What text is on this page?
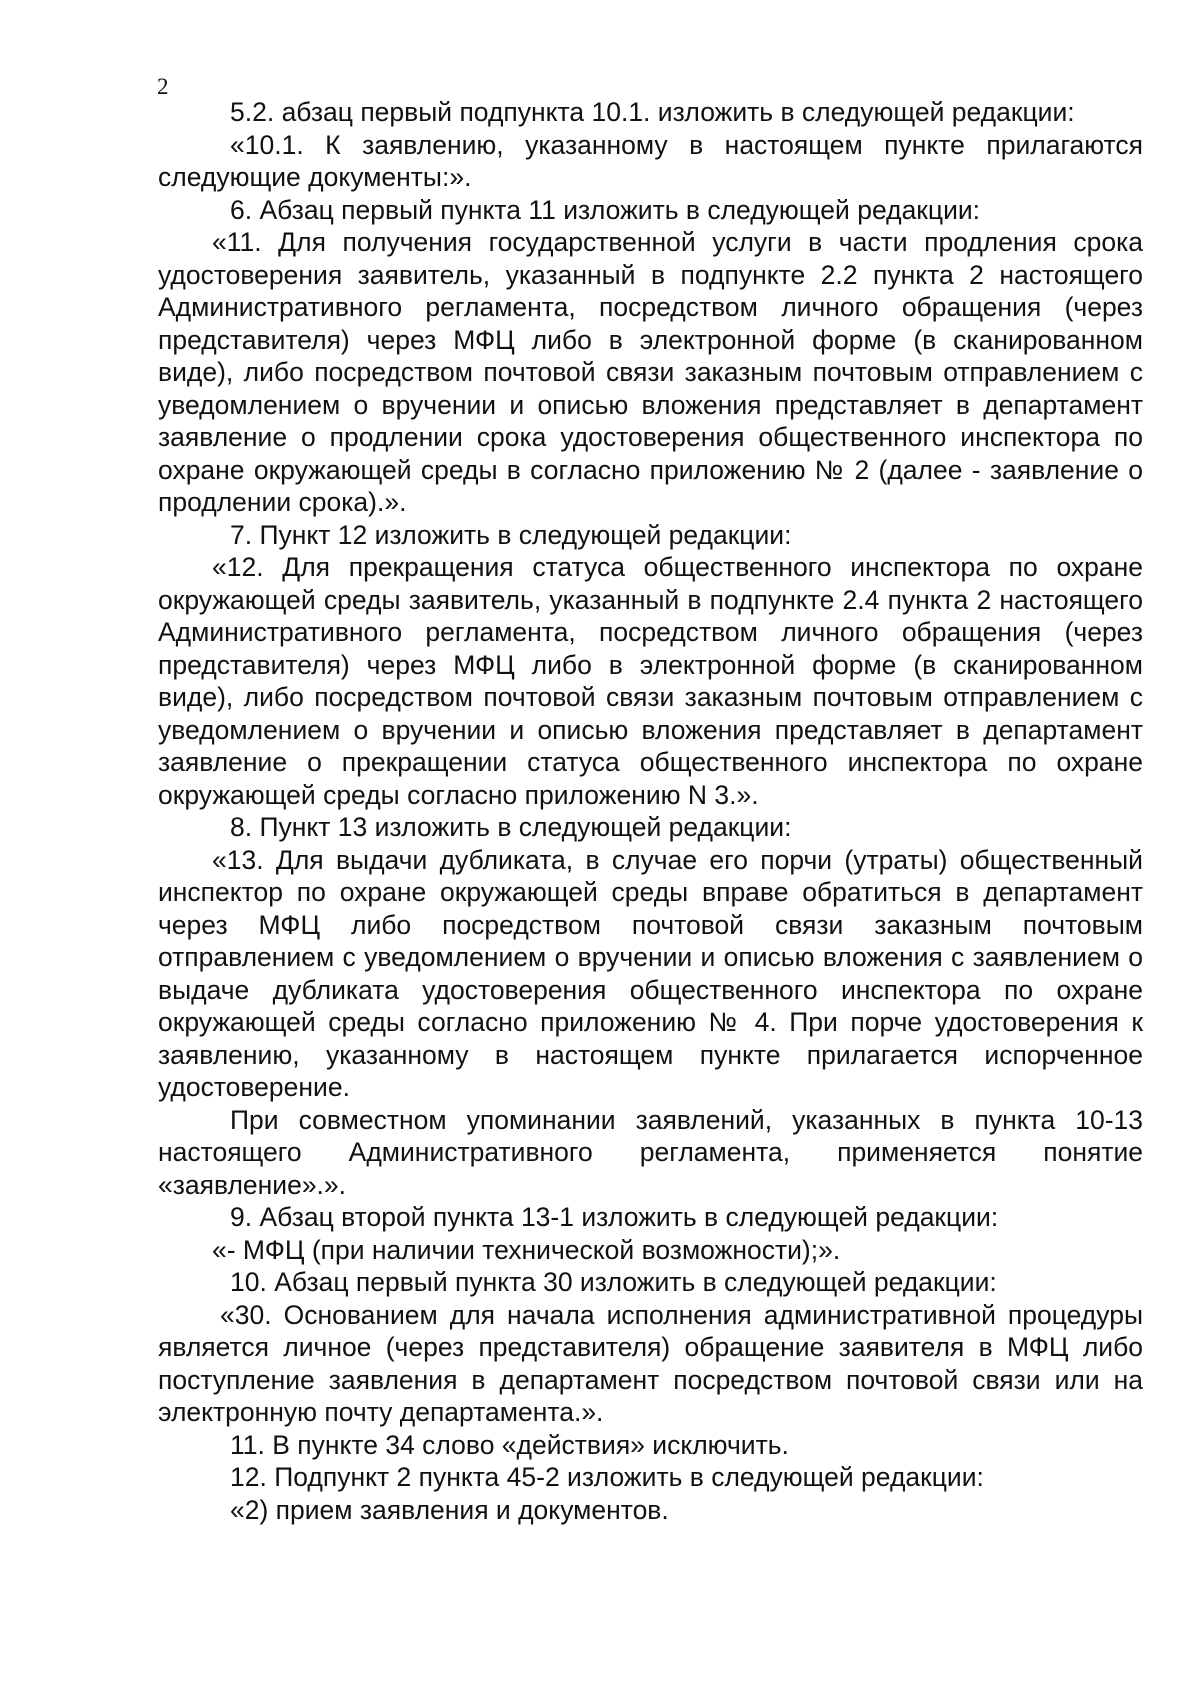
2

5.2. абзац первый подпункта 10.1. изложить в следующей редакции:

«10.1. К заявлению, указанному в настоящем пункте прилагаются следующие документы:».

6. Абзац первый пункта 11 изложить в следующей редакции:

«11. Для получения государственной услуги в части продления срока удостоверения заявитель, указанный в подпункте 2.2 пункта 2 настоящего Административного регламента, посредством личного обращения (через представителя) через МФЦ либо в электронной форме (в сканированном виде), либо посредством почтовой связи заказным почтовым отправлением с уведомлением о вручении и описью вложения представляет в департамент заявление о продлении срока удостоверения общественного инспектора по охране окружающей среды в согласно приложению № 2 (далее - заявление о продлении срока).».

7. Пункт 12 изложить в следующей редакции:

«12. Для прекращения статуса общественного инспектора по охране окружающей среды заявитель, указанный в подпункте 2.4 пункта 2 настоящего Административного регламента, посредством личного обращения (через представителя) через МФЦ либо в электронной форме (в сканированном виде), либо посредством почтовой связи заказным почтовым отправлением с уведомлением о вручении и описью вложения представляет в департамент заявление о прекращении статуса общественного инспектора по охране окружающей среды согласно приложению N 3.».

8. Пункт 13 изложить в следующей редакции:

«13. Для выдачи дубликата, в случае его порчи (утраты) общественный инспектор по охране окружающей среды вправе обратиться в департамент через МФЦ либо посредством почтовой связи заказным почтовым отправлением с уведомлением о вручении и описью вложения с заявлением о выдаче дубликата удостоверения общественного инспектора по охране окружающей среды согласно приложению № 4. При порче удостоверения к заявлению, указанному в настоящем пункте прилагается испорченное удостоверение.

При совместном упоминании заявлений, указанных в пункта 10-13 настоящего Административного регламента, применяется понятие «заявление».».

9. Абзац второй пункта 13-1 изложить в следующей редакции:

«- МФЦ (при наличии технической возможности);».

10. Абзац первый пункта 30 изложить в следующей редакции:

«30. Основанием для начала исполнения административной процедуры является личное (через представителя) обращение заявителя в МФЦ либо поступление заявления в департамент посредством почтовой связи или на электронную почту департамента.».

11. В пункте 34 слово «действия» исключить.

12. Подпункт 2 пункта 45-2 изложить в следующей редакции:

«2) прием заявления и документов.
